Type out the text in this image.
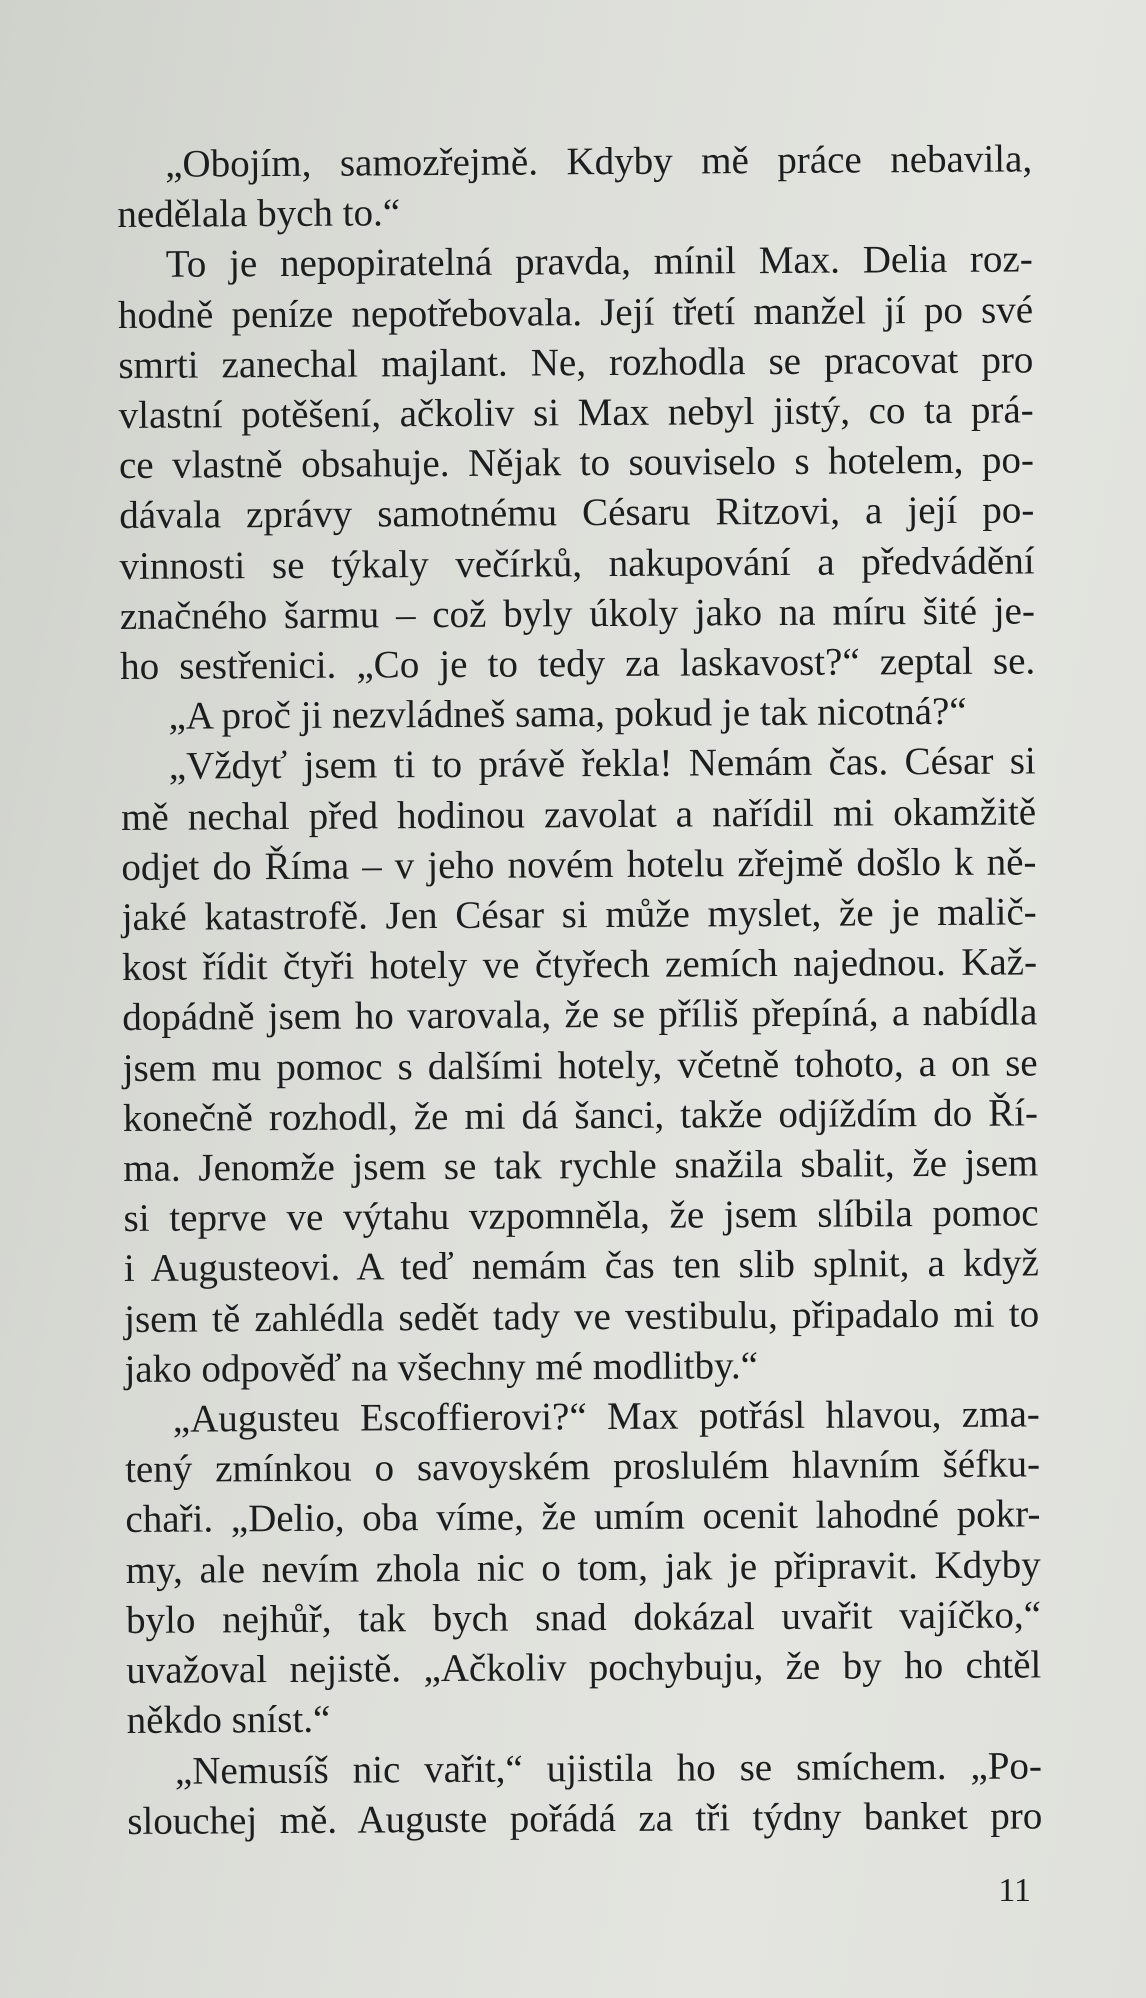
„Obojím, samozřejmě. Kdyby mě práce nebavila,
nedělala bych to.“
To je nepopiratelná pravda, mínil Max. Delia roz-
hodně peníze nepotřebovala. Její třetí manžel jí po své
smrti zanechal majlant. Ne, rozhodla se pracovat pro
vlastní potěšení, ačkoliv si Max nebyl jistý, co ta prá-
ce vlastně obsahuje. Nějak to souviselo s hotelem, po-
dávala zprávy samotnému Césaru Ritzovi, a její po-
vinnosti se týkaly večírků, nakupování a předvádění
značného šarmu – což byly úkoly jako na míru šité je-
ho sestřenici. „Co je to tedy za laskavost?“ zeptal se.
„A proč ji nezvládneš sama, pokud je tak nicotná?“
„Vždyť jsem ti to právě řekla! Nemám čas. César si
mě nechal před hodinou zavolat a nařídil mi okamžitě
odjet do Říma – v jeho novém hotelu zřejmě došlo k ně-
jaké katastrofě. Jen César si může myslet, že je malič-
kost řídit čtyři hotely ve čtyřech zemích najednou. Kaž-
dopádně jsem ho varovala, že se příliš přepíná, a nabídla
jsem mu pomoc s dalšími hotely, včetně tohoto, a on se
konečně rozhodl, že mi dá šanci, takže odjíždím do Ří-
ma. Jenomže jsem se tak rychle snažila sbalit, že jsem
si teprve ve výtahu vzpomněla, že jsem slíbila pomoc
i Augusteovi. A teď nemám čas ten slib splnit, a když
jsem tě zahlédla sedět tady ve vestibulu, připadalo mi to
jako odpověď na všechny mé modlitby.“
„Augusteu Escoffierovi?“ Max potřásl hlavou, zma-
tený zmínkou o savoyském proslulém hlavním šéfku-
chaři. „Delio, oba víme, že umím ocenit lahodné pokr-
my, ale nevím zhola nic o tom, jak je připravit. Kdyby
bylo nejhůř, tak bych snad dokázal uvařit vajíčko,“
uvažoval nejistě. „Ačkoliv pochybuju, že by ho chtěl
někdo sníst.“
„Nemusíš nic vařit,“ ujistila ho se smíchem. „Po-
slouchej mě. Auguste pořádá za tři týdny banket pro
11
